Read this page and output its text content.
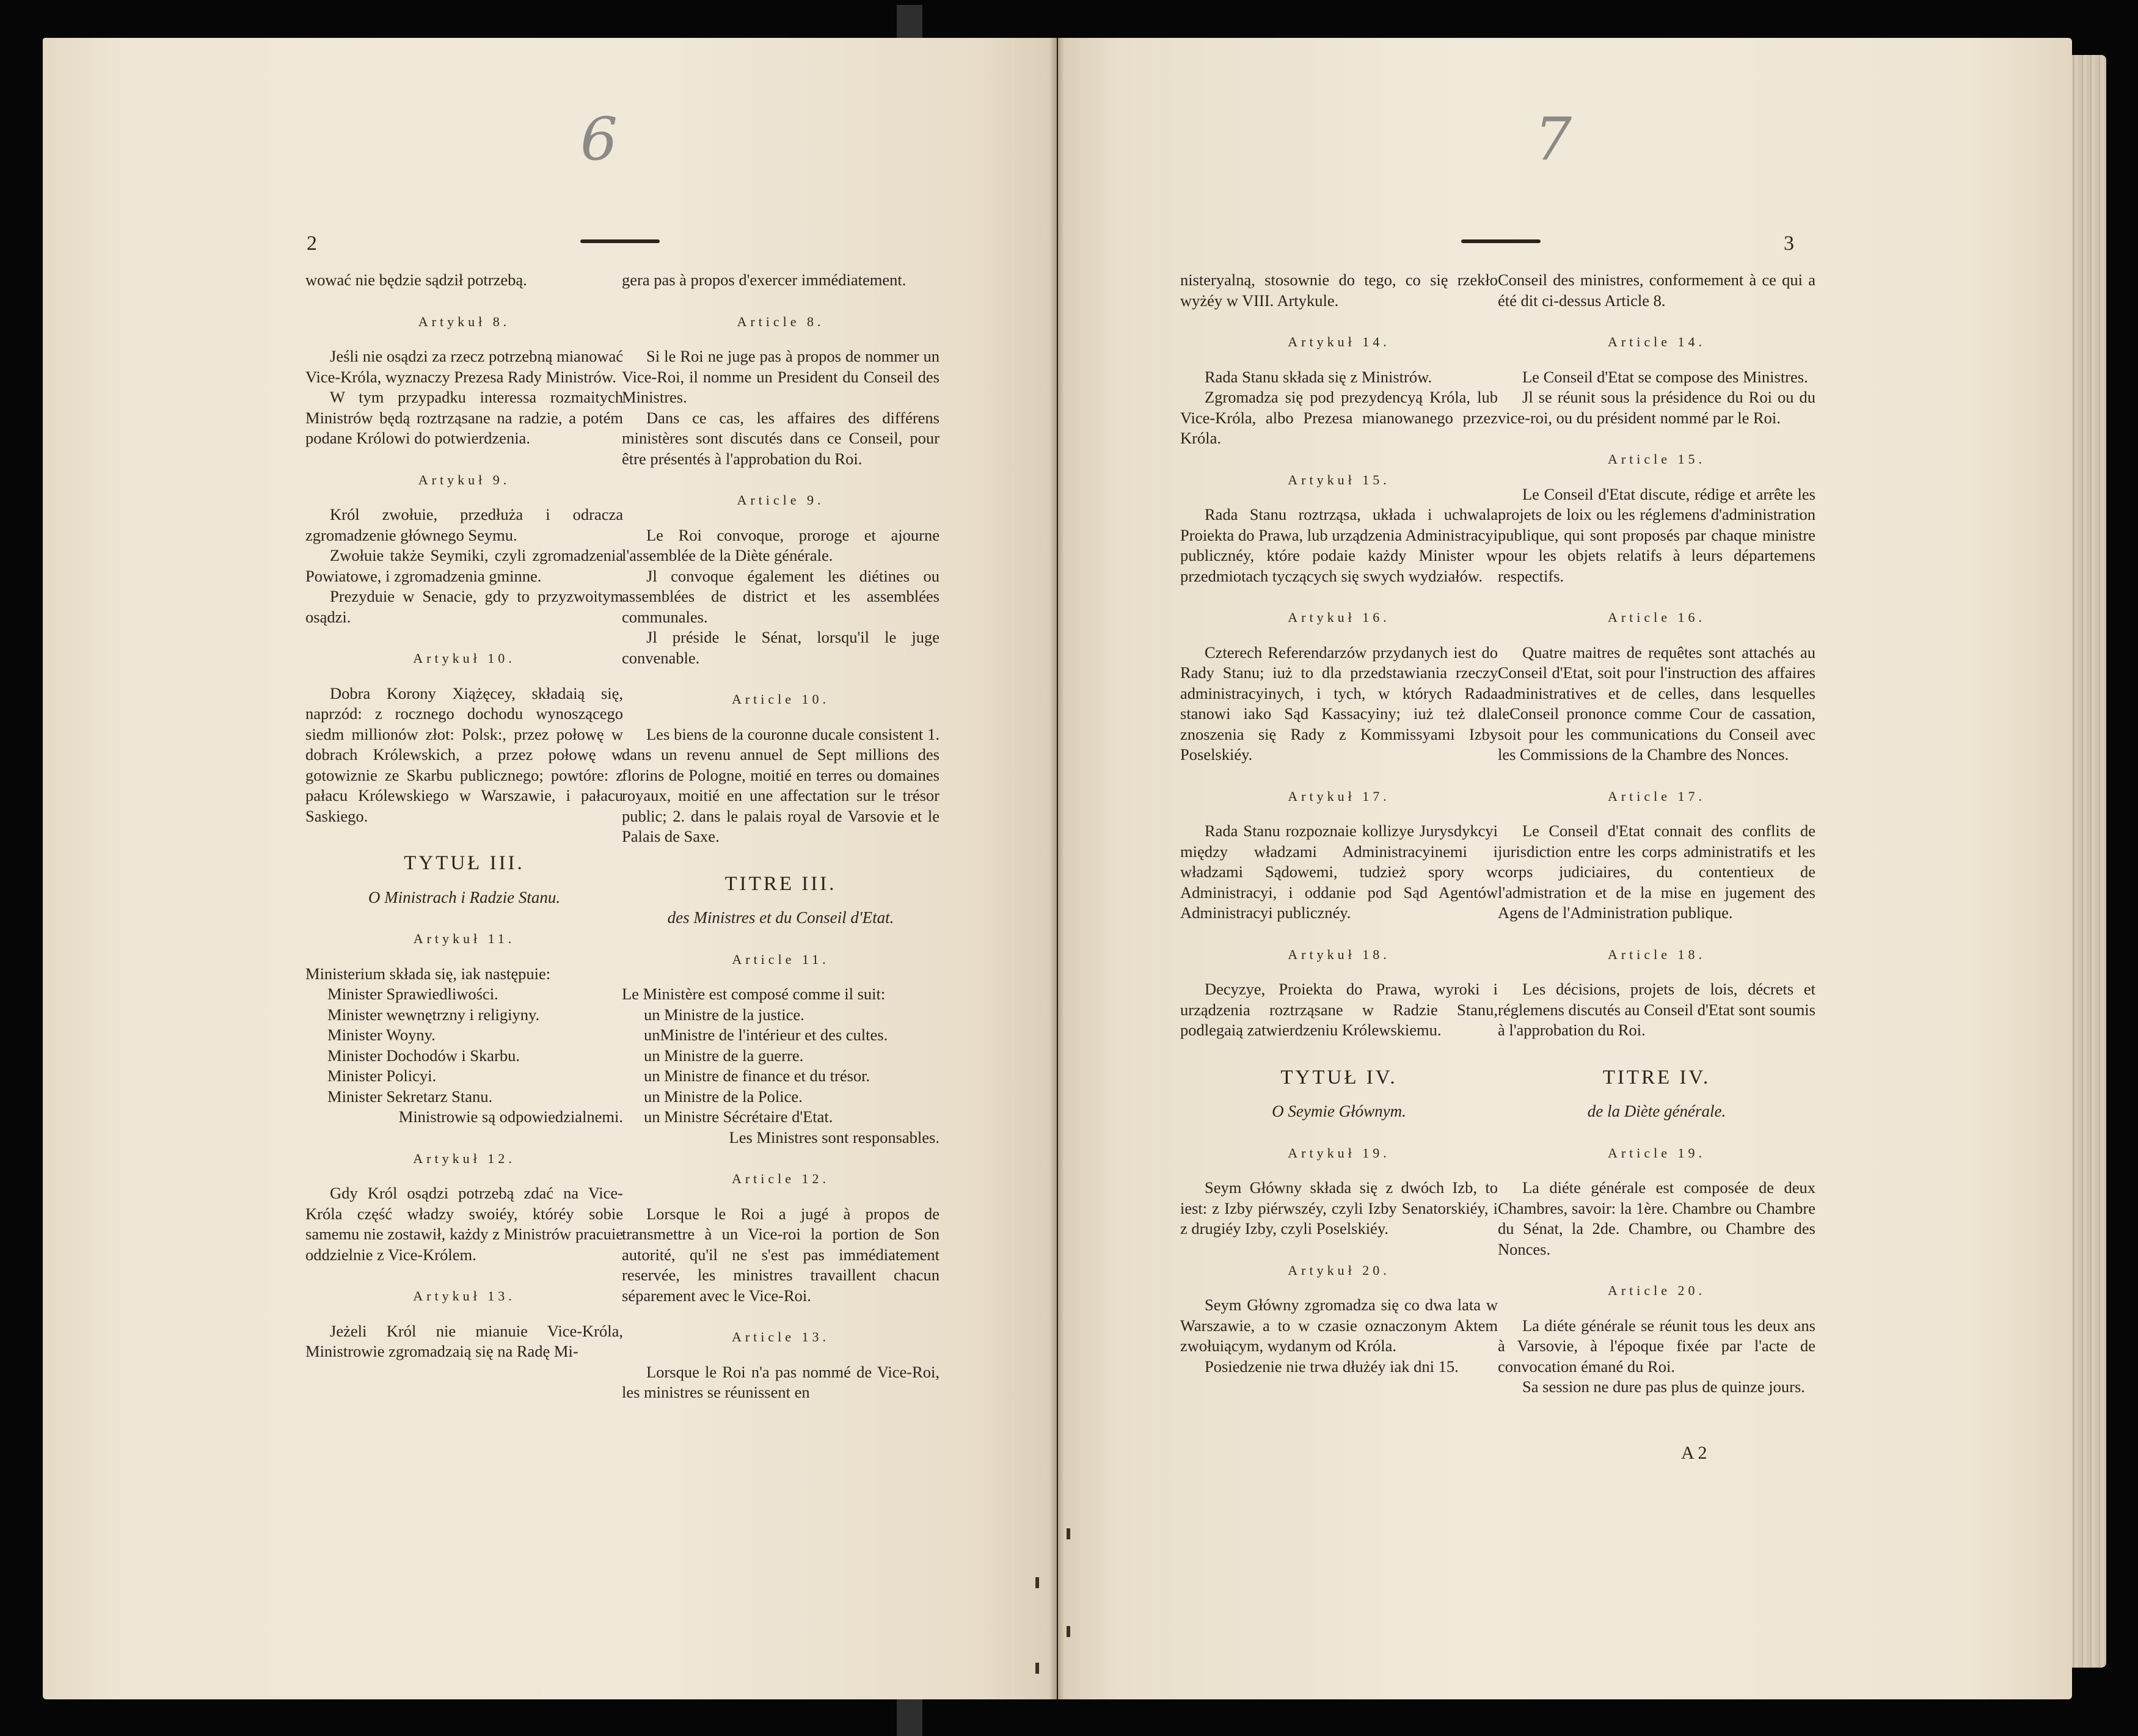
6
2

wować nie będzie sądził potrzebą.

Artykuł 8.

Jeśli nie osądzi za rzecz potrzebną mianować Vice-Króla, wyznaczy Prezesa Rady Ministrów.

W tym przypadku interessa rozmaitych Ministrów będą roztrząsane na radzie, a potém podane Królowi do potwierdzenia.

Artykuł 9.

Król zwołuie, przedłuża i odracza zgromadzenie głównego Seymu.

Zwołuie także Seymiki, czyli zgromadzenia Powiatowe, i zgromadzenia gminne.

Prezyduie w Senacie, gdy to przyzwoitym osądzi.

Artykuł 10.

Dobra Korony Xiążęcey, składaią się, naprzód: z rocznego dochodu wynoszącego siedm millionów złot: Polsk:, przez połowę w dobrach Królewskich, a przez połowę w gotowiznie ze Skarbu publicznego; powtóre: z pałacu Królewskiego w Warszawie, i pałacu Saskiego.

TYTUŁ III.

O Ministrach i Radzie Stanu.

Artykuł 11.

Ministerium składa się, iak następuie:

Minister Sprawiedliwości.

Minister wewnętrzny i religiyny.

Minister Woyny.

Minister Dochodów i Skarbu.

Minister Policyi.

Minister Sekretarz Stanu.

Ministrowie są odpowiedzialnemi.

Artykuł 12.

Gdy Król osądzi potrzebą zdać na Vice-Króla część władzy swoiéy, któréy sobie samemu nie zostawił, każdy z Ministrów pracuie oddzielnie z Vice-Królem.

Artykuł 13.

Jeżeli Król nie mianuie Vice-Króla, Ministrowie zgromadzaią się na Radę Mi-

gera pas à propos d'exercer immédiatement.

Article 8.

Si le Roi ne juge pas à propos de nommer un Vice-Roi, il nomme un President du Conseil des Ministres.

Dans ce cas, les affaires des différens ministères sont discutés dans ce Conseil, pour être présentés à l'approbation du Roi.

Article 9.

Le Roi convoque, proroge et ajourne l'assemblée de la Diète générale.

Jl convoque également les diétines ou assemblées de district et les assemblées communales.

Jl préside le Sénat, lorsqu'il le juge convenable.

Article 10.

Les biens de la couronne ducale consistent 1. dans un revenu annuel de Sept millions des florins de Pologne, moitié en terres ou domaines royaux, moitié en une affectation sur le trésor public; 2. dans le palais royal de Varsovie et le Palais de Saxe.

TITRE III.

des Ministres et du Conseil d'Etat.

Article 11.

Le Ministère est composé comme il suit:

un Ministre de la justice.

unMinistre de l'intérieur et des cultes.

un Ministre de la guerre.

un Ministre de finance et du trésor.

un Ministre de la Police.

un Ministre Sécrétaire d'Etat.

Les Ministres sont responsables.

Article 12.

Lorsque le Roi a jugé à propos de transmettre à un Vice-roi la portion de Son autorité, qu'il ne s'est pas immédiatement reservée, les ministres travaillent chacun séparement avec le Vice-Roi.

Article 13.

Lorsque le Roi n'a pas nommé de Vice-Roi, les ministres se réunissent en

7
3

nisteryalną, stosownie do tego, co się rzekło wyżéy w VIII. Artykule.

Artykuł 14.

Rada Stanu składa się z Ministrów.

Zgromadza się pod prezydencyą Króla, lub Vice-Króla, albo Prezesa mianowanego przez Króla.

Artykuł 15.

Rada Stanu roztrząsa, układa i uchwala Proiekta do Prawa, lub urządzenia Administracyi publicznéy, które podaie każdy Minister w przedmiotach tyczących się swych wydziałów.

Artykuł 16.

Czterech Referendarzów przydanych iest do Rady Stanu; iuż to dla przedstawiania rzeczy administracyinych, i tych, w których Rada stanowi iako Sąd Kassacyiny; iuż też dla znoszenia się Rady z Kommissyami Izby Poselskiéy.

Artykuł 17.

Rada Stanu rozpoznaie kollizye Jurysdykcyi między władzami Administracyinemi i władzami Sądowemi, tudzież spory w Administracyi, i oddanie pod Sąd Agentów Administracyi publicznéy.

Artykuł 18.

Decyzye, Proiekta do Prawa, wyroki i urządzenia roztrząsane w Radzie Stanu, podlegaią zatwierdzeniu Królewskiemu.

TYTUŁ IV.

O Seymie Głównym.

Artykuł 19.

Seym Główny składa się z dwóch Izb, to iest: z Izby piérwszéy, czyli Izby Senatorskiéy, i z drugiéy Izby, czyli Poselskiéy.

Artykuł 20.

Seym Główny zgromadza się co dwa lata w Warszawie, a to w czasie oznaczonym Aktem zwołuiącym, wydanym od Króla.

Posiedzenie nie trwa dłużéy iak dni 15.

Conseil des ministres, conformement à ce qui a été dit ci-dessus Article 8.

Article 14.

Le Conseil d'Etat se compose des Ministres.

Jl se réunit sous la présidence du Roi ou du vice-roi, ou du président nommé par le Roi.

Article 15.

Le Conseil d'Etat discute, rédige et arrête les projets de loix ou les réglemens d'administration publique, qui sont proposés par chaque ministre pour les objets relatifs à leurs départemens respectifs.

Article 16.

Quatre maitres de requêtes sont attachés au Conseil d'Etat, soit pour l'instruction des affaires administratives et de celles, dans lesquelles leConseil prononce comme Cour de cassation, soit pour les communications du Conseil avec les Commissions de la Chambre des Nonces.

Article 17.

Le Conseil d'Etat connait des conflits de jurisdiction entre les corps administratifs et les corps judiciaires, du contentieux de l'admistration et de la mise en jugement des Agens de l'Administration publique.

Article 18.

Les décisions, projets de lois, décrets et réglemens discutés au Conseil d'Etat sont soumis à l'approbation du Roi.

TITRE IV.

de la Diète générale.

Article 19.

La diéte générale est composée de deux Chambres, savoir: la 1ère. Chambre ou Chambre du Sénat, la 2de. Chambre, ou Chambre des Nonces.

Article 20.

La diéte générale se réunit tous les deux ans à Varsovie, à l'époque fixée par l'acte de convocation émané du Roi.

Sa session ne dure pas plus de quinze jours.

A 2
